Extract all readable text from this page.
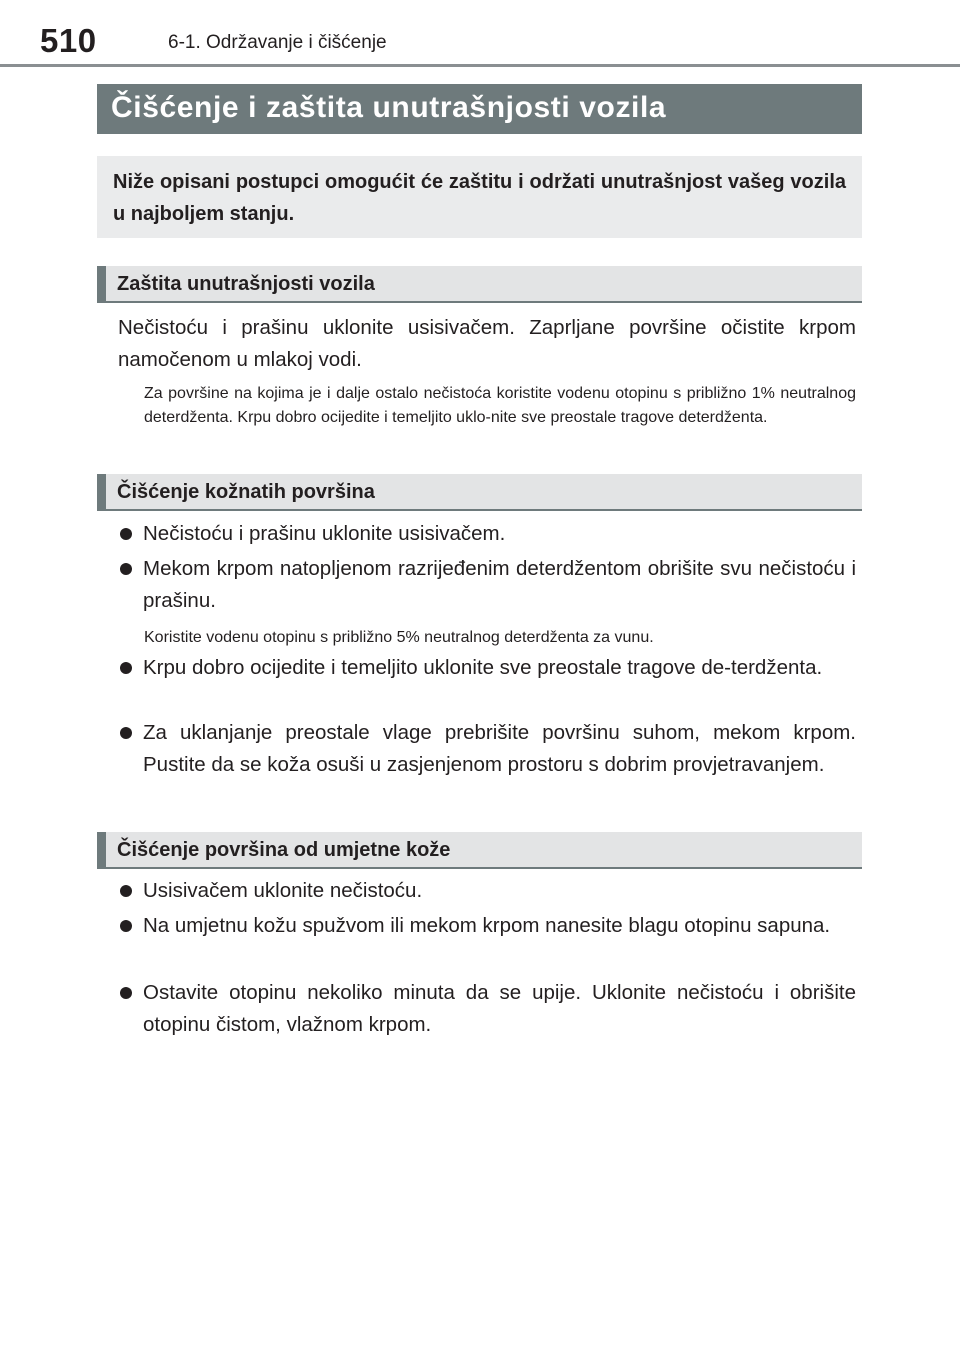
510	6-1. Održavanje i čišćenje
Čišćenje i zaštita unutrašnjosti vozila
Niže opisani postupci omogućit će zaštitu i održati unutrašnjost vašeg vozila u najboljem stanju.
Zaštita unutrašnjosti vozila
Nečistoću i prašinu uklonite usisivačem. Zaprljane površine očistite krpom namočenom u mlakoj vodi.
Za površine na kojima je i dalje ostalo nečistoća koristite vodenu otopinu s približno 1% neutralnog deterdženta. Krpu dobro ocijedite i temeljito uklo-nite sve preostale tragove deterdženta.
Čišćenje kožnatih površina
Nečistoću i prašinu uklonite usisivačem.
Mekom krpom natopljenom razrijeđenim deterdžentom obrišite svu nečistoću i prašinu.
Koristite vodenu otopinu s približno 5% neutralnog deterdženta za vunu.
Krpu dobro ocijedite i temeljito uklonite sve preostale tragove de-terdženta.
Za uklanjanje preostale vlage prebrišite površinu suhom, mekom krpom. Pustite da se koža osuši u zasjenjenom prostoru s dobrim provjetravanjem.
Čišćenje površina od umjetne kože
Usisivačem uklonite nečistoću.
Na umjetnu kožu spužvom ili mekom krpom nanesite blagu otopinu sapuna.
Ostavite otopinu nekoliko minuta da se upije. Uklonite nečistoću i obrišite otopinu čistom, vlažnom krpom.
